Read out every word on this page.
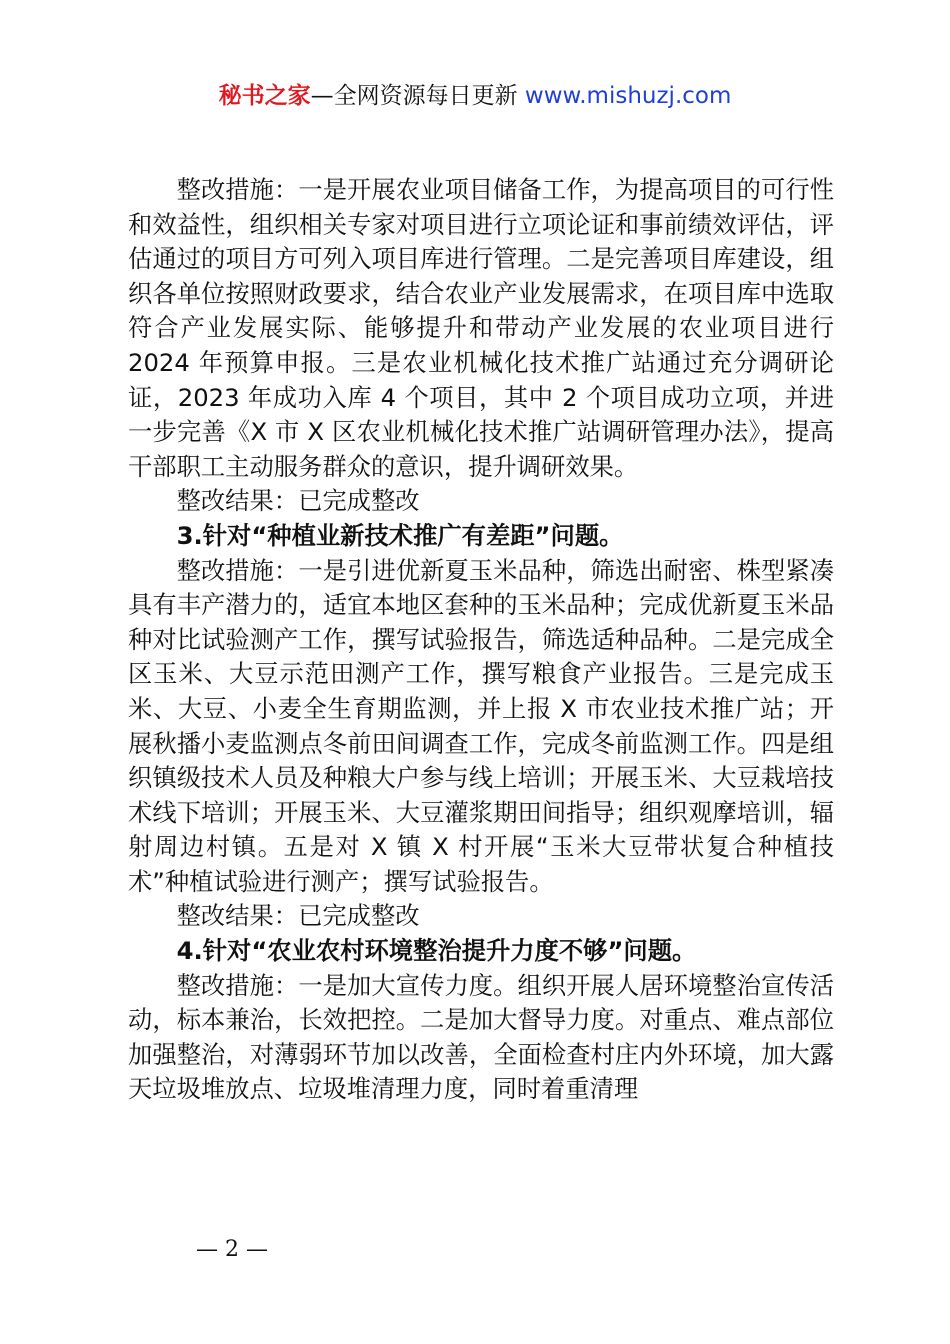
秘书之家—全网资源每日更新 www.mishuzj.com

整改措施：一是开展农业项目储备工作，为提高项目的可行性和效益性，组织相关专家对项目进行立项论证和事前绩效评估，评估通过的项目方可列入项目库进行管理。二是完善项目库建设，组织各单位按照财政要求，结合农业产业发展需求，在项目库中选取符合产业发展实际、能够提升和带动产业发展的农业项目进行 2024 年预算申报。三是农业机械化技术推广站通过充分调研论证，2023 年成功入库 4 个项目，其中 2 个项目成功立项，并进一步完善《X 市 X 区农业机械化技术推广站调研管理办法》，提高干部职工主动服务群众的意识，提升调研效果。

整改结果：已完成整改

3.针对“种植业新技术推广有差距”问题。

整改措施：一是引进优新夏玉米品种，筛选出耐密、株型紧凑具有丰产潜力的，适宜本地区套种的玉米品种；完成优新夏玉米品种对比试验测产工作，撰写试验报告，筛选适种品种。二是完成全区玉米、大豆示范田测产工作，撰写粮食产业报告。三是完成玉米、大豆、小麦全生育期监测，并上报 X 市农业技术推广站；开展秋播小麦监测点冬前田间调查工作，完成冬前监测工作。四是组织镇级技术人员及种粮大户参与线上培训；开展玉米、大豆栽培技术线下培训；开展玉米、大豆灌浆期田间指导；组织观摩培训，辐射周边村镇。五是对 X 镇 X 村开展“玉米大豆带状复合种植技术”种植试验进行测产；撰写试验报告。

整改结果：已完成整改

4.针对“农业农村环境整治提升力度不够”问题。

整改措施：一是加大宣传力度。组织开展人居环境整治宣传活动，标本兼治，长效把控。二是加大督导力度。对重点、难点部位加强整治，对薄弱环节加以改善，全面检查村庄内外环境，加大露天垃圾堆放点、垃圾堆清理力度，同时着重清理

— 2 —
